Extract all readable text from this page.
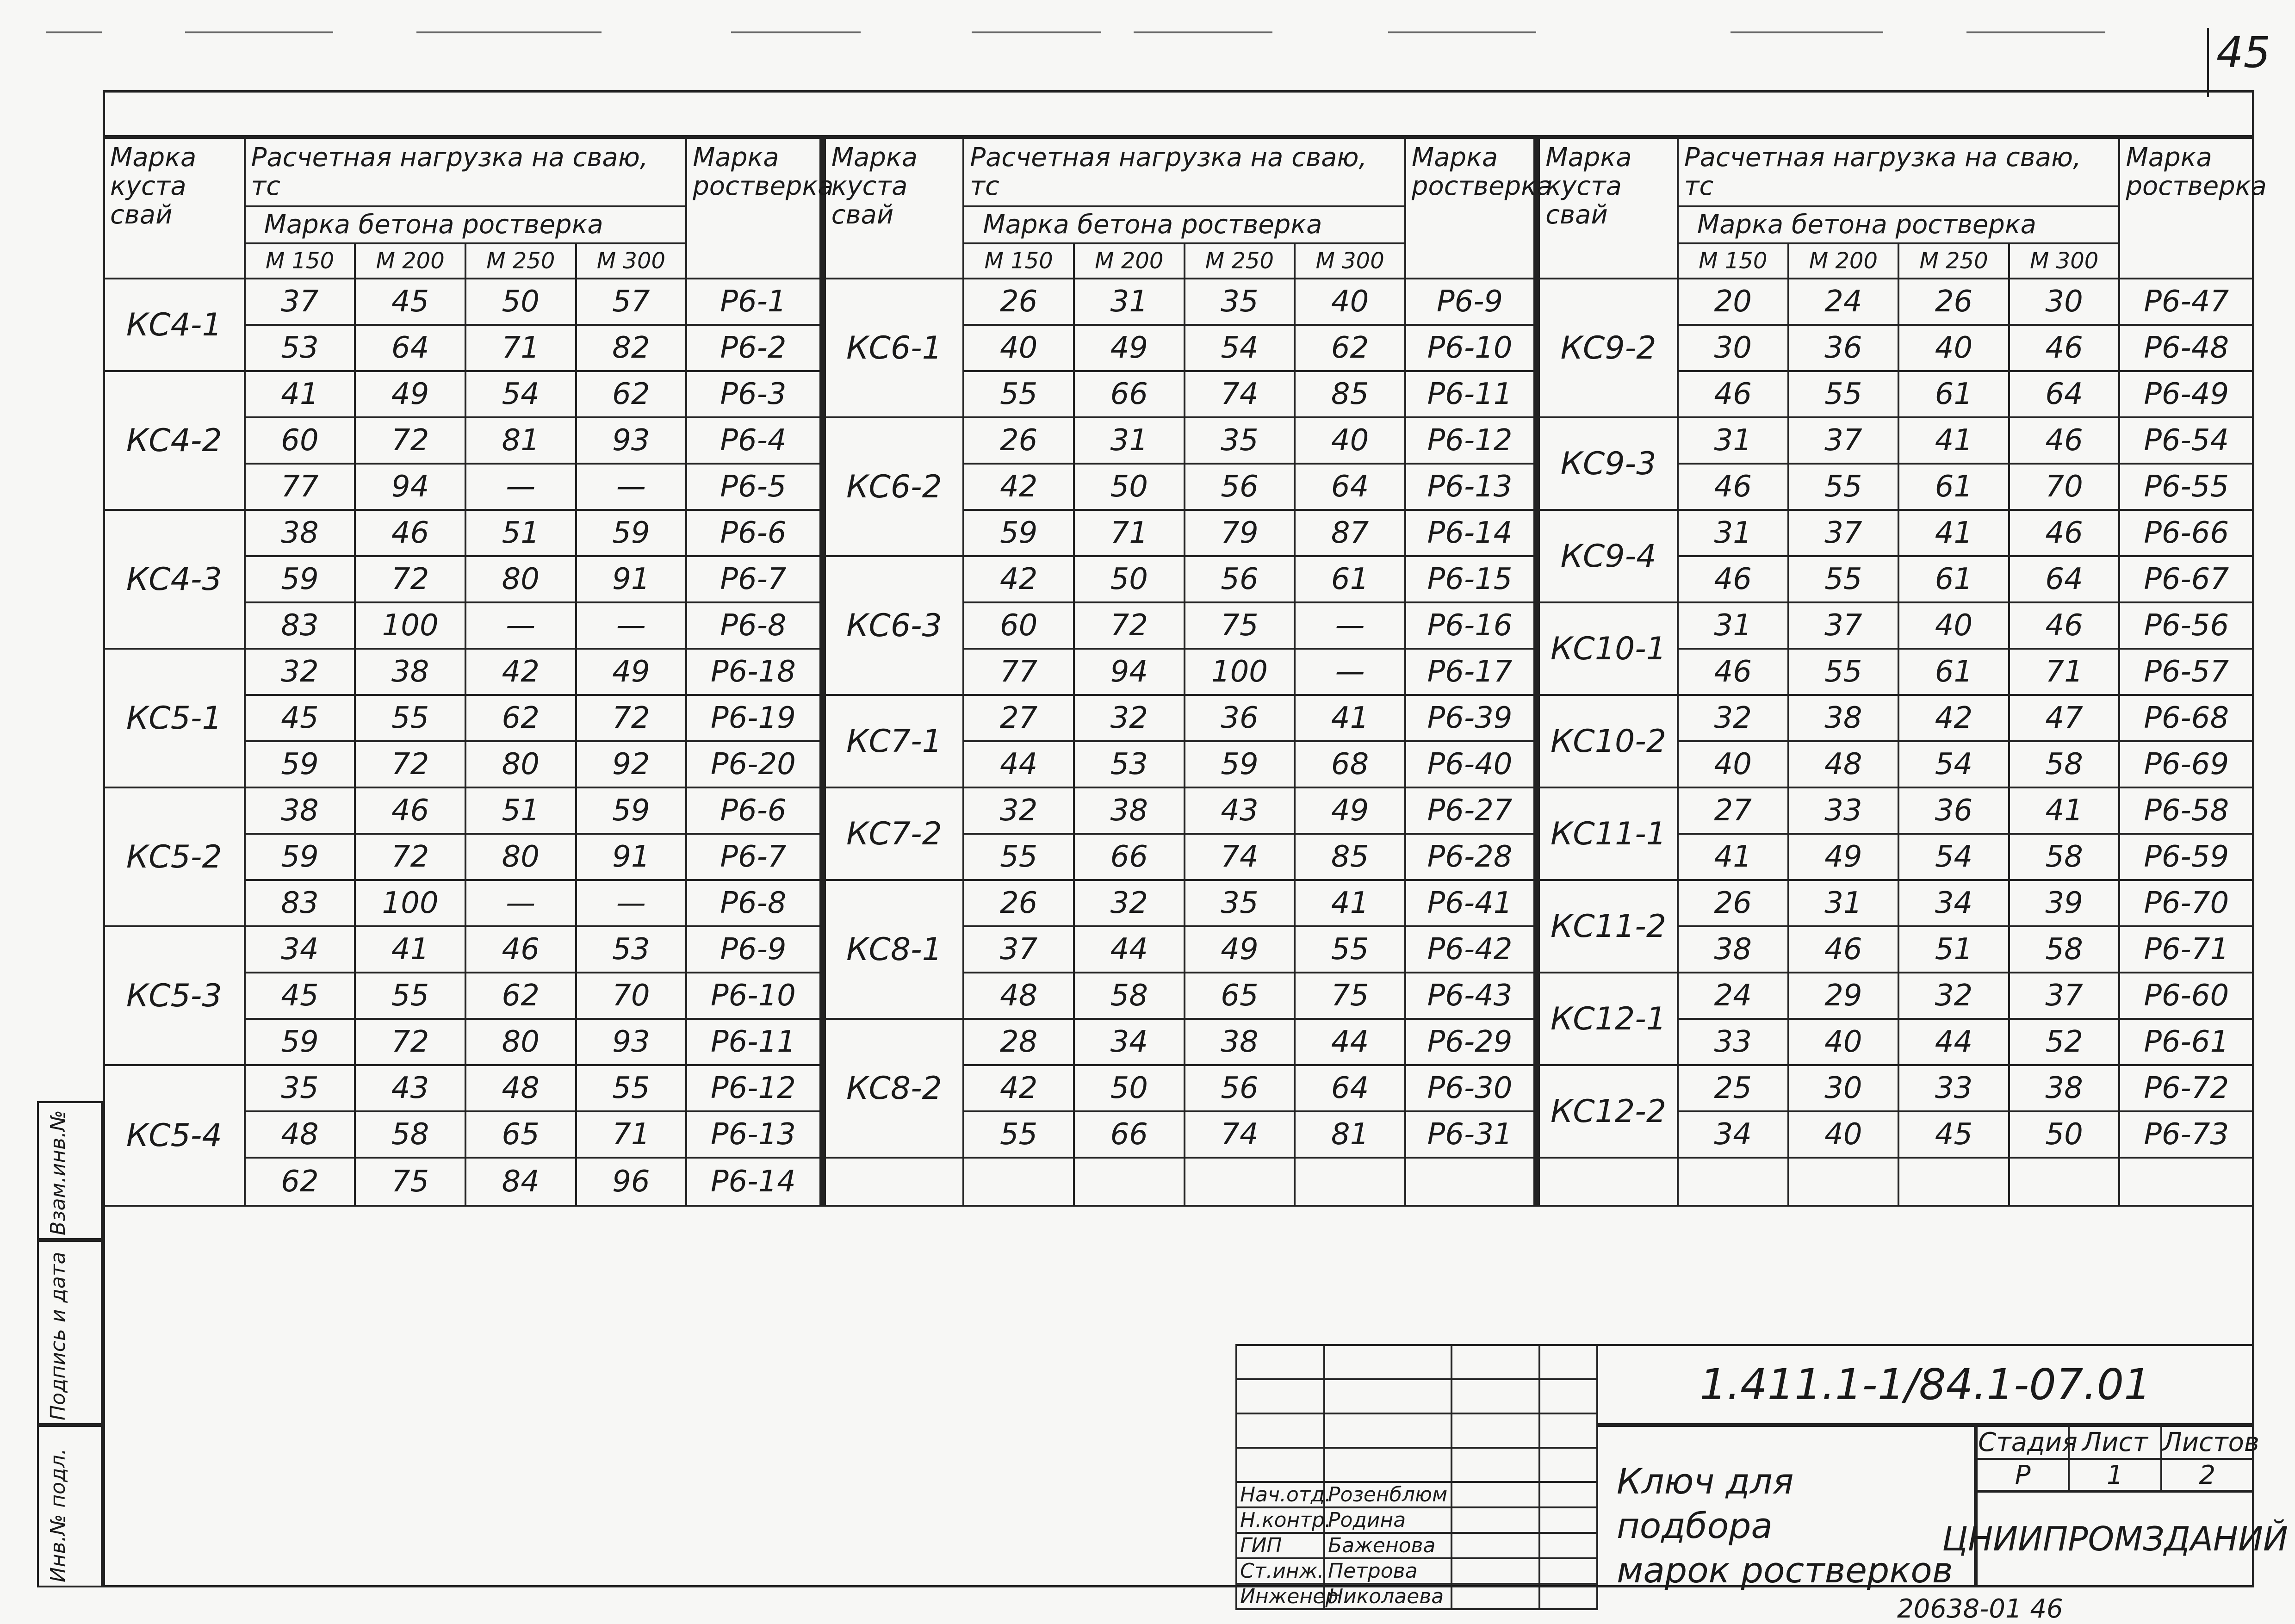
45
Марка куста свай	Расчетная нагрузка на сваю, тс				Марка ростверка	Марка куста свай	Расчетная нагрузка на сваю, тс				Марка ростверка	Марка куста свай	Расчетная нагрузка на сваю, тс				Марка ростверка
	Марка бетона ростверка						Марка бетона ростверка						Марка бетона ростверка				
	М 150	М 200	М 250	М 300			М 150	М 200	М 250	М 300			М 150	М 200	М 250	М 300	
КС4-1	37	45	50	57	Р6-1	КС6-1	26	31	35	40	Р6-9	КС9-2	20	24	26	30	Р6-47
	53	64	71	82	Р6-2		40	49	54	62	Р6-10		30	36	40	46	Р6-48
КС4-2	41	49	54	62	Р6-3		55	66	74	85	Р6-11		46	55	61	64	Р6-49
	60	72	81	93	Р6-4	КС6-2	26	31	35	40	Р6-12	КС9-3	31	37	41	46	Р6-54
	77	94	—	—	Р6-5		42	50	56	64	Р6-13		46	55	61	70	Р6-55
КС4-3	38	46	51	59	Р6-6		59	71	79	87	Р6-14	КС9-4	31	37	41	46	Р6-66
	59	72	80	91	Р6-7	КС6-3	42	50	56	61	Р6-15		46	55	61	64	Р6-67
	83	100	—	—	Р6-8		60	72	75	—	Р6-16	КС10-1	31	37	40	46	Р6-56
КС5-1	32	38	42	49	Р6-18		77	94	100	—	Р6-17		46	55	61	71	Р6-57
	45	55	62	72	Р6-19	КС7-1	27	32	36	41	Р6-39	КС10-2	32	38	42	47	Р6-68
	59	72	80	92	Р6-20		44	53	59	68	Р6-40		40	48	54	58	Р6-69
КС5-2	38	46	51	59	Р6-6	КС7-2	32	38	43	49	Р6-27	КС11-1	27	33	36	41	Р6-58
	59	72	80	91	Р6-7		55	66	74	85	Р6-28		41	49	54	58	Р6-59
	83	100	—	—	Р6-8	КС8-1	26	32	35	41	Р6-41	КС11-2	26	31	34	39	Р6-70
КС5-3	34	41	46	53	Р6-9		37	44	49	55	Р6-42		38	46	51	58	Р6-71
	45	55	62	70	Р6-10		48	58	65	75	Р6-43	КС12-1	24	29	32	37	Р6-60
	59	72	80	93	Р6-11	КС8-2	28	34	38	44	Р6-29		33	40	44	52	Р6-61
КС5-4	35	43	48	55	Р6-12		42	50	56	64	Р6-30	КС12-2	25	30	33	38	Р6-72
	48	58	65	71	Р6-13		55	66	74	81	Р6-31		34	40	45	50	Р6-73
	62	75	84	96	Р6-14												

Нач.отд.	Розенблюм		
Н.контр.	Родина		
ГИП	Баженова		
Ст.инж.	Петрова		
Инженер	Николаева		
1.411.1-1/84.1-07.01
Ключ для подбора
марок ростверков
Стадия	Лист	Листов
Р	1	2
ЦНИИПРОМЗДАНИЙ
Взам.инв.№
Подпись и дата
Инв.№ подл.
20638-01 46
